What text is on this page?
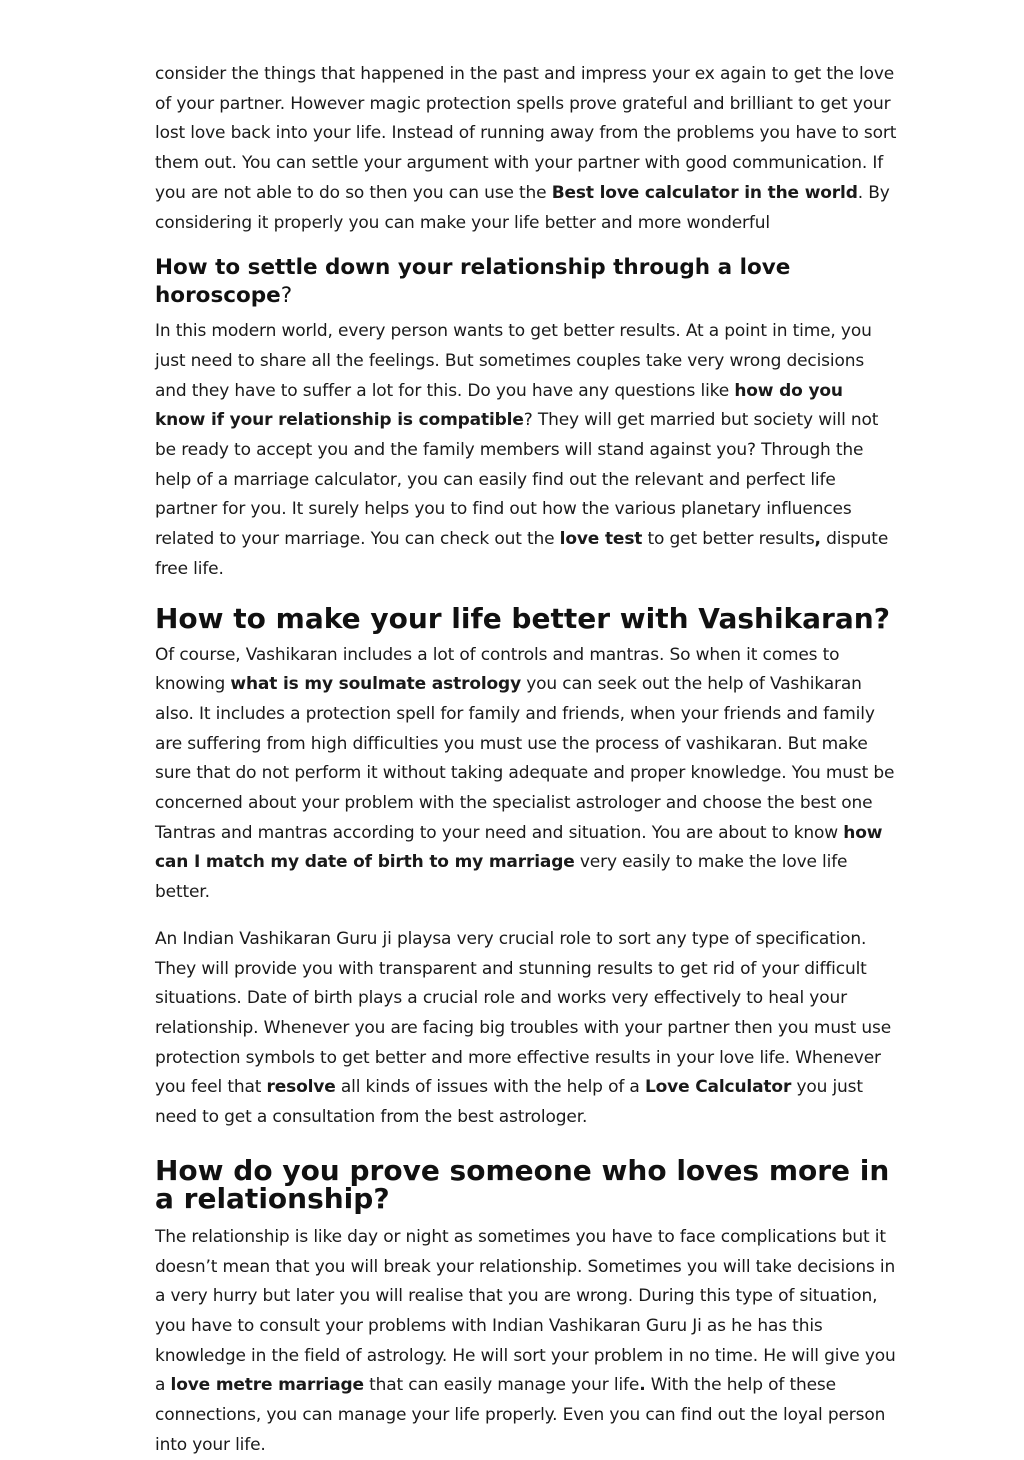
consider the things that happened in the past and impress your ex again to get the love of your partner. However magic protection spells prove grateful and brilliant to get your lost love back into your life. Instead of running away from the problems you have to sort them out. You can settle your argument with your partner with good communication. If you are not able to do so then you can use the Best love calculator in the world. By considering it properly you can make your life better and more wonderful

How to settle down your relationship through a love horoscope?

In this modern world, every person wants to get better results. At a point in time, you just need to share all the feelings. But sometimes couples take very wrong decisions and they have to suffer a lot for this. Do you have any questions like how do you know if your relationship is compatible? They will get married but society will not be ready to accept you and the family members will stand against you? Through the help of a marriage calculator, you can easily find out the relevant and perfect life partner for you. It surely helps you to find out how the various planetary influences related to your marriage. You can check out the love test to get better results, dispute free life.

How to make your life better with Vashikaran?

Of course, Vashikaran includes a lot of controls and mantras. So when it comes to knowing what is my soulmate astrology you can seek out the help of Vashikaran also. It includes a protection spell for family and friends, when your friends and family are suffering from high difficulties you must use the process of vashikaran. But make sure that do not perform it without taking adequate and proper knowledge. You must be concerned about your problem with the specialist astrologer and choose the best one Tantras and mantras according to your need and situation. You are about to know how can I match my date of birth to my marriage very easily to make the love life better.

An Indian Vashikaran Guru ji playsa very crucial role to sort any type of specification. They will provide you with transparent and stunning results to get rid of your difficult situations. Date of birth plays a crucial role and works very effectively to heal your relationship. Whenever you are facing big troubles with your partner then you must use protection symbols to get better and more effective results in your love life. Whenever you feel that resolve all kinds of issues with the help of a Love Calculator you just need to get a consultation from the best astrologer.

How do you prove someone who loves more in a relationship?

The relationship is like day or night as sometimes you have to face complications but it doesn’t mean that you will break your relationship. Sometimes you will take decisions in a very hurry but later you will realise that you are wrong. During this type of situation, you have to consult your problems with Indian Vashikaran Guru Ji as he has this knowledge in the field of astrology. He will sort your problem in no time. He will give you a love metre marriage that can easily manage your life. With the help of these connections, you can manage your life properly. Even you can find out the loyal person into your life.
